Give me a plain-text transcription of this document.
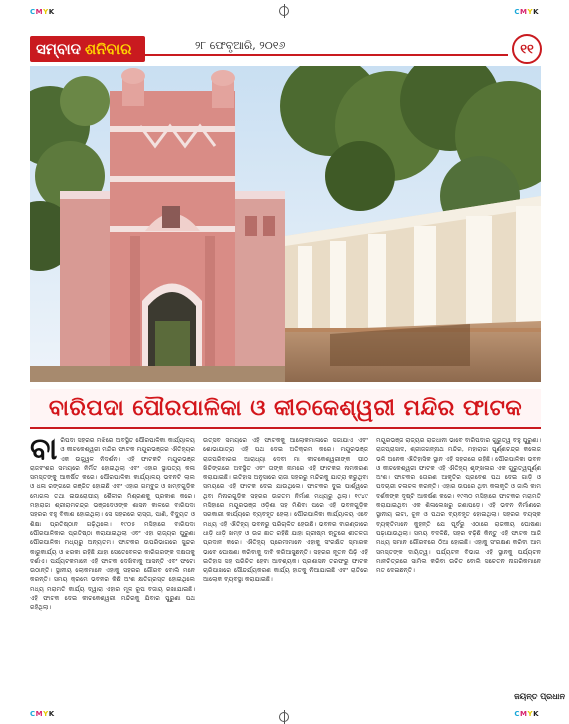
CMYK	CMYK
CMYK	CMYK
ସମ୍ବାଦ ଶନିବାର	୨୮ ଫେବୃଆରି, ୨୦୧୬	୧୧
ବାରିପଦା ପୌରପାଳିକା ଓ କୀଚକେଶ୍ୱରୀ ମନ୍ଦିର ଫାଟକ
ବା ରିପଦା ସହରର ମଝିରେ ଅବସ୍ଥିତ ପୌରପାଳିକା କାର୍ଯ୍ୟାଳୟ ଓ କୀଚକେଶ୍ୱରୀ ମନ୍ଦିର ଫାଟକ ମୟୂରଭଞ୍ଜର ଐତିହ୍ୟର ଏକ ଉଜ୍ଜ୍ୱଳ ନିଦର୍ଶନ। ଏହି ଫାଟକଟି ମୟୂରଭଞ୍ଜ ରାଜବଂଶର ସମୟରେ ନିର୍ମିତ ହୋଇଥିଲା ଏବଂ ଏହାର ସ୍ଥାପତ୍ୟ କଳା ସମସ୍ତଙ୍କୁ ଆକର୍ଷିତ କରେ। ପୌରପାଳିକା କାର୍ଯ୍ୟାଳୟ ଭବନଟି ଲାଲ ଓ ଧଳା ରଙ୍ଗରେ ରଞ୍ଜିତ ହୋଇଛି ଏବଂ ଏହାର ଗମ୍ବୁଜ ଓ ଖମ୍ବଗୁଡ଼ିକ ମୋଗଲ ତଥା ଇଉରୋପୀୟ ଶୈଳୀର ମିଶ୍ରଣକୁ ପ୍ରକାଶ କରେ। ମହାରାଜା ଶ୍ରୀରାମଚନ୍ଦ୍ର ଭଞ୍ଜଦେଓଙ୍କ ଶାସନ କାଳରେ ବାରିପଦା ସହରର ବହୁ ବିକାଶ ହୋଇଥିଲା। ସେ ସହରରେ ରାସ୍ତା, ପାଣି, ବିଦ୍ୟୁତ ଓ ଶିକ୍ଷା ପ୍ରତିଷ୍ଠାନ ଗଢ଼ିଥିଲେ। ୧୯୦୫ ମସିହାରେ ବାରିପଦା ପୌରପାଳିକାର ପ୍ରତିଷ୍ଠା କରାଯାଇଥିଲା ଏବଂ ଏହା ରାଜ୍ୟର ପୁରୁଣା ପୌରପାଳିକା ମଧ୍ୟରୁ ଅନ୍ୟତମ। ଫାଟକର ଉପରିଭାଗରେ ସୁନ୍ଦର କାରୁକାର୍ଯ୍ୟ ଓ ଝରକା ରହିଛି ଯାହା ସେତେବେଳର କାରିଗରଙ୍କ ଦକ୍ଷତାକୁ ଦର୍ଶାଏ। ପର୍ଯ୍ୟଟକମାନେ ଏହି ଫାଟକ ଦେଖିବାକୁ ଆସନ୍ତି ଏବଂ ଫଟୋ ଉଠାନ୍ତି। ସ୍ଥାନୀୟ ଲୋକମାନେ ଏହାକୁ ସହରର ଗୌରବ ବୋଲି ମନେ କରନ୍ତି। ସମୟ କ୍ରମେ ଭବନର କିଛି ଅଂଶ କ୍ଷତିଗ୍ରସ୍ତ ହୋଇଥିଲେ ମଧ୍ୟ ମରାମତି କାର୍ଯ୍ୟ ଦ୍ୱାରା ଏହାର ମୂଳ ରୂପ ବଜାୟ ରଖାଯାଇଛି। ଏହି ଫାଟକ ଦେଇ କୀଚକେଶ୍ୱରୀ ମନ୍ଦିରକୁ ଯିବାର ପୁରୁଣା ପଥ ରହିଥିଲା।
ଉତ୍ସବ ସମୟରେ ଏହି ଫାଟକକୁ ଆଲୋକମାଳାରେ ସଜାଯାଏ ଏବଂ ଶୋଭାଯାତ୍ରା ଏହି ପଥ ଦେଇ ଅତିକ୍ରମ କରେ। ମୟୂରଭଞ୍ଜ ରାଜପରିବାରର ଆରାଧ୍ୟା ଦେବୀ ମା କୀଚକେଶ୍ୱରୀଙ୍କ ପୀଠ ଖିଚିଙ୍ଗରେ ଅବସ୍ଥିତ ଏବଂ ତାଙ୍କ ନାମରେ ଏହି ଫାଟକର ନାମକରଣ କରାଯାଇଛି। ଇତିହାସ ଅନୁସାରେ ରାଜା ସହରରୁ ମନ୍ଦିରକୁ ଯାତ୍ରା କରୁଥିବା ସମୟରେ ଏହି ଫାଟକ ଦେଇ ଯାଉଥିଲେ। ଫାଟକର ଦୁଇ ପାର୍ଶ୍ୱରେ ଥିବା ମିନାରଗୁଡ଼ିକ ସହରର ଉଚ୍ଚତମ ନିର୍ମାଣ ମଧ୍ୟରୁ ଥିଲା। ୧୯୪୯ ମସିହାରେ ମୟୂରଭଞ୍ଜ ଓଡ଼ିଶା ସହ ମିଶିବା ପରେ ଏହି ଭବନଗୁଡ଼ିକ ସରକାରୀ କାର୍ଯ୍ୟରେ ବ୍ୟବହୃତ ହେଲା। ପୌରପାଳିକା କାର୍ଯ୍ୟାଳୟ ଏବେ ମଧ୍ୟ ଏହି ଐତିହ୍ୟ ଭବନରୁ ପରିଚାଳିତ ହେଉଛି। ଭବନର ବାରଣ୍ଡାରେ ଧାଡ଼ି ଧାଡ଼ି ଖମ୍ବ ଓ ଉଚ୍ଚ ଛାତ ରହିଛି ଯାହା ଗ୍ରୀଷ୍ମ ଋତୁରେ ଶୀତଳତା ପ୍ରଦାନ କରେ। ଐତିହ୍ୟ ପ୍ରେମୀମାନେ ଏହାକୁ ସଂରକ୍ଷିତ ସ୍ମାରକ ଭାବେ ଘୋଷଣା କରିବାକୁ ଦାବି କରିଆସୁଛନ୍ତି। ସହରର ନୂତନ ପିଢ଼ି ଏହି ଇତିହାସ ସହ ପରିଚିତ ହେବା ଆବଶ୍ୟକ। ପ୍ରଶାସନ ତରଫରୁ ଫାଟକ ଚାରିପାଖରେ ସୌନ୍ଦର୍ଯ୍ୟକରଣ କାର୍ଯ୍ୟ ହାତକୁ ନିଆଯାଇଛି ଏବଂ ରାତିରେ ଆଲୋକ ବ୍ୟବସ୍ଥା କରାଯାଇଛି।
ମୟୂରଭଞ୍ଜ ରାଜ୍ୟର ରାଜଧାନୀ ଭାବେ ବାରିପଦାର ଗୁରୁତ୍ୱ ବହୁ ପୁରୁଣା। ରାଜପ୍ରାସାଦ, ଶ୍ରୀଜଗନ୍ନାଥ ମନ୍ଦିର, ମହାରାଜା ପୂର୍ଣ୍ଣଚନ୍ଦ୍ର କଲେଜ ଭଳି ଅନେକ ଐତିହାସିକ ସ୍ଥାନ ଏହି ସହରରେ ରହିଛି। ପୌରପାଳିକା ଭବନ ଓ କୀଚକେଶ୍ୱରୀ ଫାଟକ ଏହି ଐତିହ୍ୟ ଶୃଙ୍ଖଳାର ଏକ ଗୁରୁତ୍ୱପୂର୍ଣ୍ଣ ଅଂଶ। ଫାଟକର ତୋରଣ ଆକୃତିର ପ୍ରବେଶ ପଥ ଦେଇ ଗାଡ଼ି ଓ ପଦଚାରୀ ଚଳାଚଳ କରନ୍ତି। ଏହାର ଉପରେ ଥିବା କଳାକୃତି ଓ ଜାଲି କାମ ଦର୍ଶକଙ୍କ ଦୃଷ୍ଟି ଆକର୍ଷଣ କରେ। ୧୯୩୦ ମସିହାରେ ଫାଟକର ମରାମତି କରାଯାଇଥିବା ଏକ ଶିଳାଲେଖରୁ ଜଣାପଡ଼େ। ଏହି ଭବନ ନିର୍ମାଣରେ ସ୍ଥାନୀୟ ଇଟା, ଚୂନ ଓ ପଥର ବ୍ୟବହୃତ ହୋଇଥିଲା। ସହରର ବୟସ୍କ ବ୍ୟକ୍ତିମାନେ କୁହନ୍ତି ଯେ ପୂର୍ବରୁ ଏଠାରେ ରାଜକୀୟ ଘୋଷଣା ପଢ଼ାଯାଉଥିଲା। ସମୟ ବଦଳିଛି, ସହର ବଢ଼ିଛି କିନ୍ତୁ ଏହି ଫାଟକ ଆଜି ମଧ୍ୟ ସମାନ ଗୌରବରେ ଠିଆ ହୋଇଛି। ଏହାକୁ ସଂରକ୍ଷଣ କରିବା ଆମ ସମସ୍ତଙ୍କ ଦାୟିତ୍ୱ। ପର୍ଯ୍ୟଟନ ବିଭାଗ ଏହି ସ୍ଥାନକୁ ପର୍ଯ୍ୟଟନ ମାନଚିତ୍ରରେ ସାମିଲ କରିବା ଉଚିତ ବୋଲି ସଚେତନ ନାଗରିକମାନେ ମତ ଦେଇଛନ୍ତି।
ଜୟନ୍ତ ପ୍ରଧାନ
